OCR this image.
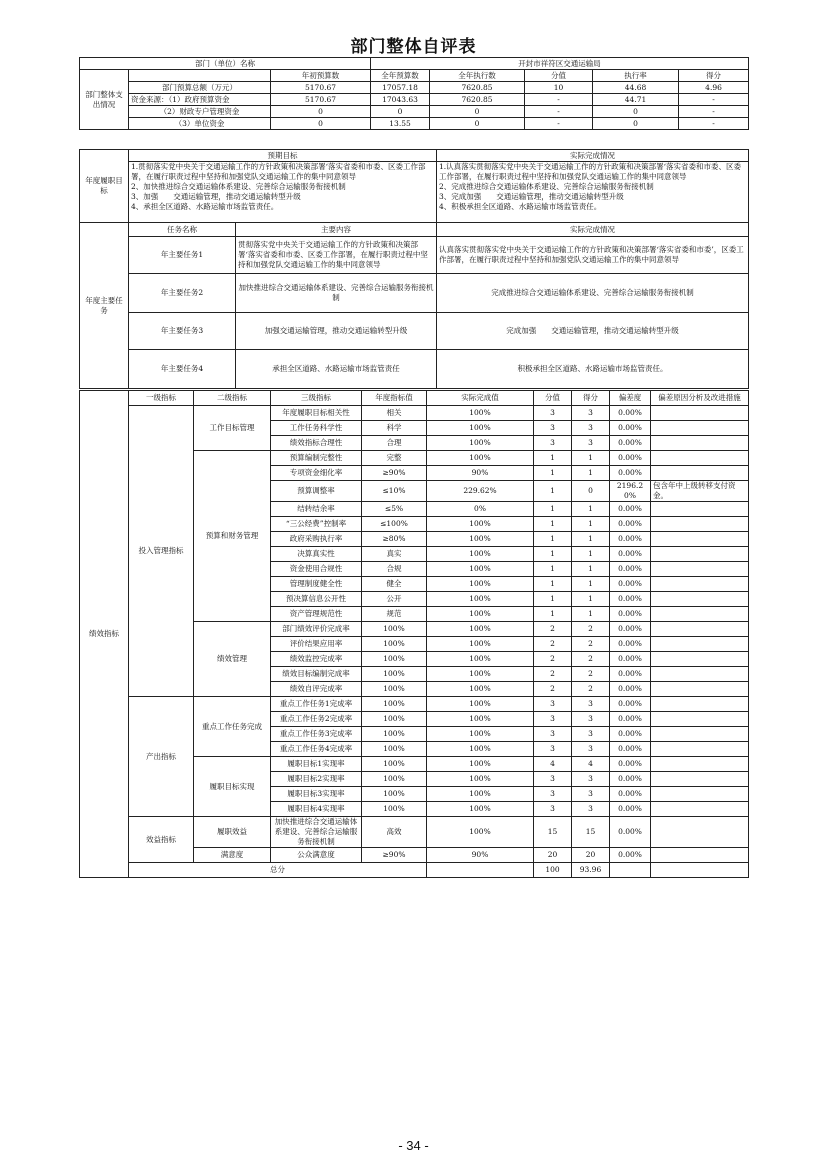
部门整体自评表
部门（单位）名称			开封市祥符区交通运输局				
部门整体支出情况		年初预算数	全年预算数	全年执行数	分值	执行率	得分
	部门预算总额（万元）	5170.67	17057.18	7620.85	10	44.68	4.96
	资金来源：（1）政府预算资金	5170.67	17043.63	7620.85	-	44.71	-
	（2）财政专户管理资金	0	0	0	-	0	-
	（3）单位资金	0	13.55	0	-	0	-
年度履职目标	预期目标	实际完成情况
	1.贯彻落实党中央关于交通运输工作的方针政策和决策部署‘落实省委和市委、区委工作部署，在履行职责过程中坚持和加强党队交通运输工作的集中同意领导
2、加快推进综合交通运输体系建设、完善综合运输服务衔接机制
3、加强　　交通运输管理，推动交通运输转型升级
4、承担全区道路、水路运输市场监管责任。	1.认真落实贯彻落实党中央关于交通运输工作的方针政策和决策部署‘落实省委和市委、区委工作部署，在履行职责过程中坚持和加强党队交通运输工作的集中同意领导
2、完成推进综合交通运输体系建设、完善综合运输服务衔接机制
3、完成加强　　交通运输管理，推动交通运输转型升级
4、积极承担全区道路、水路运输市场监管责任。
年度主要任务	任务名称	主要内容	实际完成情况
	年主要任务1	贯彻落实党中央关于交通运输工作的方针政策和决策部署‘落实省委和市委、区委工作部署，在履行职责过程中坚持和加强党队交通运输工作的集中同意领导	认真落实贯彻落实党中央关于交通运输工作的方针政策和决策部署‘落实省委和市委’，区委工作部署，在履行职责过程中坚持和加强党队交通运输工作的集中同意领导
	年主要任务2	加快推进综合交通运输体系建设、完善综合运输服务衔接机制	完成推进综合交通运输体系建设、完善综合运输服务衔接机制
	年主要任务3	加强交通运输管理，推动交通运输转型升级	完成加强　　交通运输管理，推动交通运输转型升级
	年主要任务4	承担全区道路、水路运输市场监管责任	积极承担全区道路、水路运输市场监管责任。
绩效指标	一级指标	二级指标	三级指标	年度指标值	实际完成值	分值	得分	偏差度	偏差原因分析及改进措施
	投入管理指标	工作目标管理	年度履职目标相关性	相关	100%	3	3	0.00%	
			工作任务科学性	科学	100%	3	3	0.00%	
			绩效指标合理性	合理	100%	3	3	0.00%	
		预算和财务管理	预算编制完整性	完整	100%	1	1	0.00%	
			专项资金细化率	≥90%	90%	1	1	0.00%	
			预算调整率	≤10%	229.62%	1	0	2196.20%	包含年中上级转移支付资金。
			结转结余率	≤5%	0%	1	1	0.00%	
			“三公经费”控制率	≤100%	100%	1	1	0.00%	
			政府采购执行率	≥80%	100%	1	1	0.00%	
			决算真实性	真实	100%	1	1	0.00%	
			资金使用合规性	合规	100%	1	1	0.00%	
			管理制度健全性	健全	100%	1	1	0.00%	
			预决算信息公开性	公开	100%	1	1	0.00%	
			资产管理规范性	规范	100%	1	1	0.00%	
		绩效管理	部门绩效评价完成率	100%	100%	2	2	0.00%	
			评价结果应用率	100%	100%	2	2	0.00%	
			绩效监控完成率	100%	100%	2	2	0.00%	
			绩效目标编制完成率	100%	100%	2	2	0.00%	
			绩效自评完成率	100%	100%	2	2	0.00%	
	产出指标	重点工作任务完成	重点工作任务1完成率	100%	100%	3	3	0.00%	
			重点工作任务2完成率	100%	100%	3	3	0.00%	
			重点工作任务3完成率	100%	100%	3	3	0.00%	
			重点工作任务4完成率	100%	100%	3	3	0.00%	
		履职目标实现	履职目标1实现率	100%	100%	4	4	0.00%	
			履职目标2实现率	100%	100%	3	3	0.00%	
			履职目标3实现率	100%	100%	3	3	0.00%	
			履职目标4实现率	100%	100%	3	3	0.00%	
	效益指标	履职效益	加快推进综合交通运输体系建设、完善综合运输服务衔接机制	高效	100%	15	15	0.00%	
		满意度	公众满意度	≥90%	90%	20	20	0.00%	
	总分					100	93.96		
- 34 -
